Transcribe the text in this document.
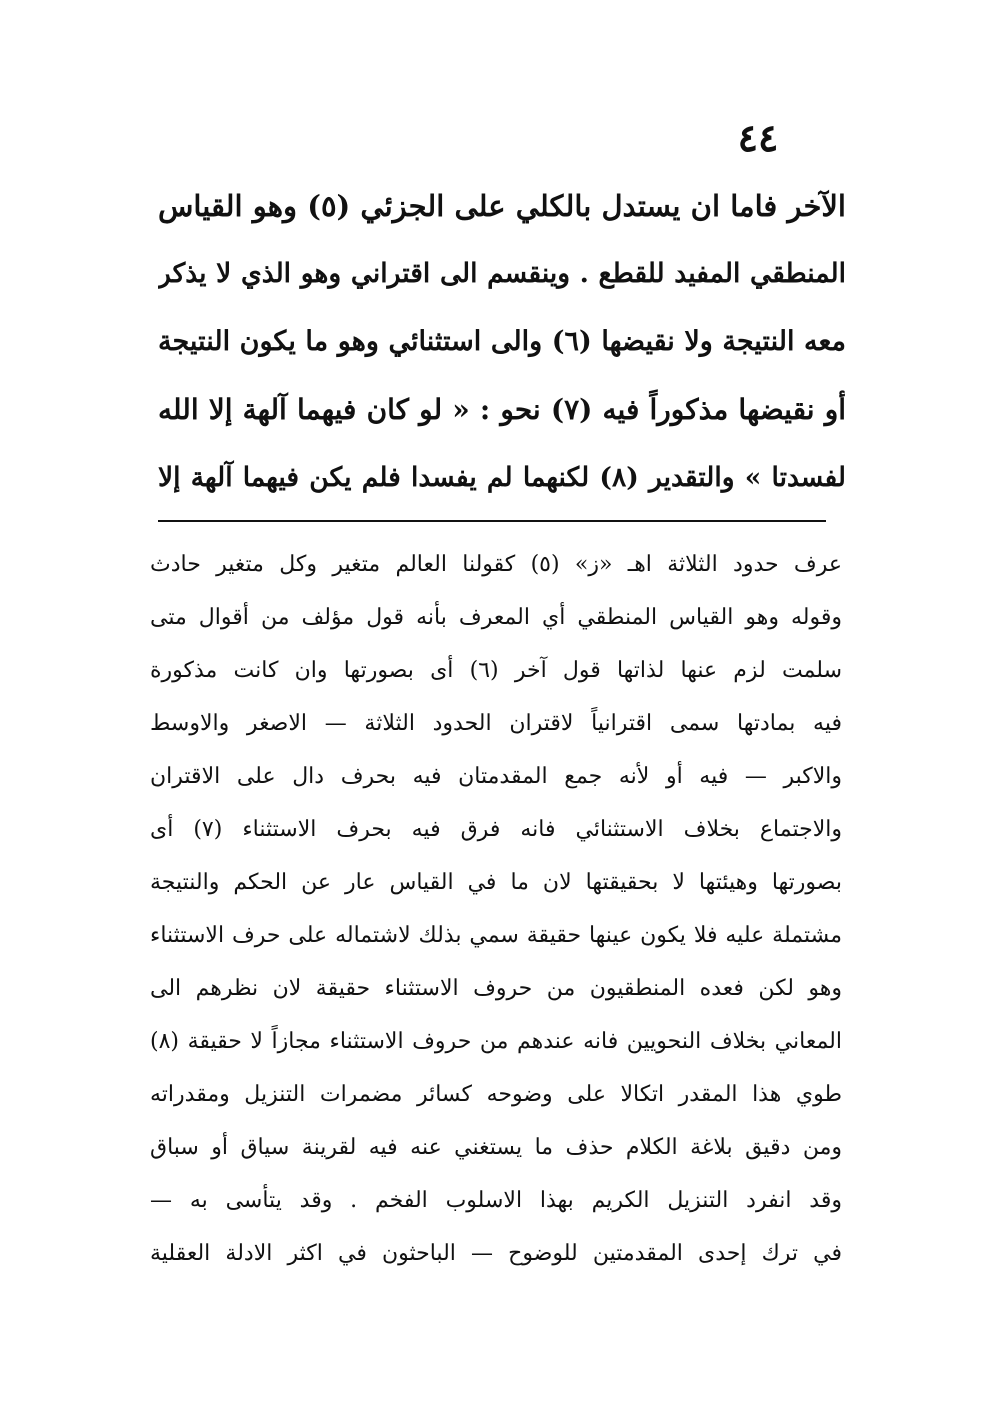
٤٤
الآخر فاما ان يستدل بالكلي على الجزئي (٥) وهو القياس
المنطقي المفيد للقطع . وينقسم الى اقتراني وهو الذي لا يذكر
معه النتيجة ولا نقيضها (٦) والى استثنائي وهو ما يكون النتيجة
أو نقيضها مذكوراً فيه (٧) نحو : « لو كان فيهما آلهة إلا الله
لفسدتا » والتقدير (٨) لكنهما لم يفسدا فلم يكن فيهما آلهة إلا
عرف حدود الثلاثة اهـ «ز» (٥) كقولنا العالم متغير وكل متغير حادث
وقوله وهو القياس المنطقي أي المعرف بأنه قول مؤلف من أقوال متى
سلمت لزم عنها لذاتها قول آخر (٦) أى بصورتها وان كانت مذكورة
فيه بمادتها سمى اقترانياً لاقتران الحدود الثلاثة — الاصغر والاوسط
والاكبر — فيه أو لأنه جمع المقدمتان فيه بحرف دال على الاقتران
والاجتماع بخلاف الاستثنائي فانه فرق فيه بحرف الاستثناء (٧) أى
بصورتها وهيئتها لا بحقيقتها لان ما في القياس عار عن الحكم والنتيجة
مشتملة عليه فلا يكون عينها حقيقة سمي بذلك لاشتماله على حرف الاستثناء
وهو لكن فعده المنطقيون من حروف الاستثناء حقيقة لان نظرهم الى
المعاني بخلاف النحويين فانه عندهم من حروف الاستثناء مجازاً لا حقيقة (٨)
طوي هذا المقدر اتكالا على وضوحه كسائر مضمرات التنزيل ومقدراته
ومن دقيق بلاغة الكلام حذف ما يستغني عنه فيه لقرينة سياق أو سباق
وقد انفرد التنزيل الكريم بهذا الاسلوب الفخم . وقد يتأسى به —
في ترك إحدى المقدمتين للوضوح — الباحثون في اكثر الادلة العقلية
